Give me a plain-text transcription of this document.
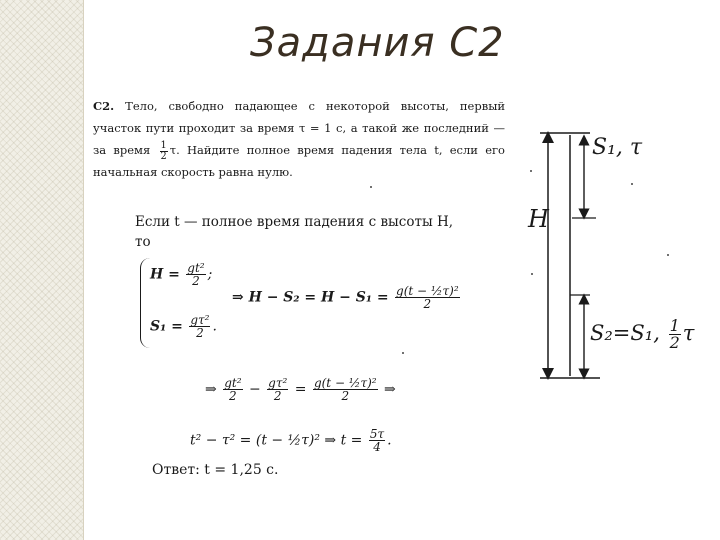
Задания С2
С2. Тело, свободно падающее с некоторой высоты, первый участок пути проходит за время τ = 1 с, а такой же последний — за время $\frac{1}{2} \tau$. Найдите полное время падения тела t, если его начальная скорость равна нулю.
Если t — полное время падения с высоты H, то
$H = \frac{\text{gt²}}{2}$ ;
$S_1 = \frac{\text{gτ²}}{2}$ .
⇒ $H - S_2 = H - S_1 = \frac{\text{g(t − ½τ)²}}{2}$
⇒ $\frac{\text{gt²}}{2} - \frac{\text{gτ²}}{2} = \frac{\text{g(t − ½τ)²}}{2}$ ⇒
t² − τ² = (t − ½τ)² ⇒ $t = \frac{5\tau}{4}$ .
Ответ: t = 1,25 с.
H
S₁, τ
S₂=S₁, $\frac{1}{2}$ τ
